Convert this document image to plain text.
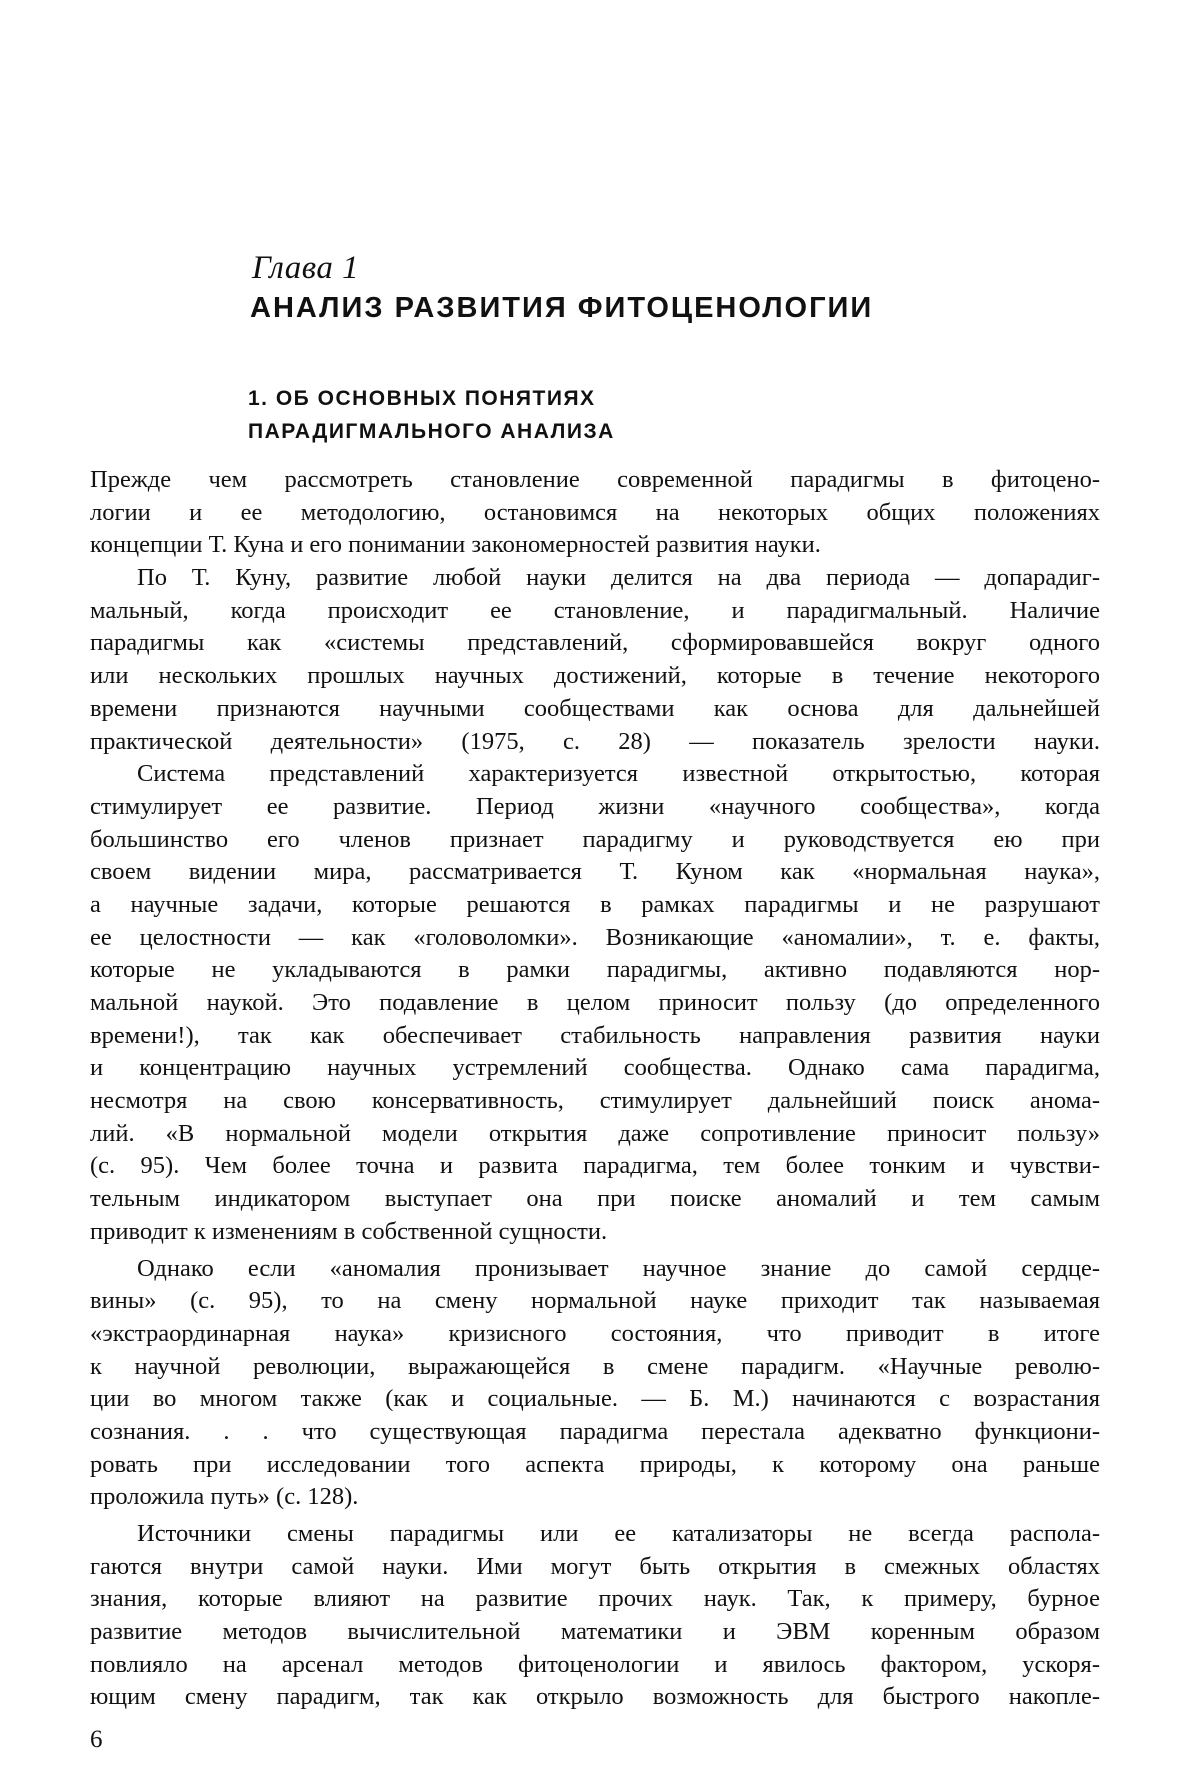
Глава 1
АНАЛИЗ РАЗВИТИЯ ФИТОЦЕНОЛОГИИ
1. ОБ ОСНОВНЫХ ПОНЯТИЯХ
ПАРАДИГМАЛЬНОГО АНАЛИЗА
Прежде чем рассмотреть становление современной парадигмы в фитоцено-
логии и ее методологию, остановимся на некоторых общих положениях
концепции Т. Куна и его понимании закономерностей развития науки.
По Т. Куну, развитие любой науки делится на два периода — допарадиг-
мальный, когда происходит ее становление, и парадигмальный. Наличие
парадигмы как «системы представлений, сформировавшейся вокруг одного
или нескольких прошлых научных достижений, которые в течение некоторого
времени признаются научными сообществами как основа для дальнейшей
практической деятельности» (1975, с. 28) — показатель зрелости науки.
Система представлений характеризуется известной открытостью, которая
стимулирует ее развитие. Период жизни «научного сообщества», когда
большинство его членов признает парадигму и руководствуется ею при
своем видении мира, рассматривается Т. Куном как «нормальная наука»,
а научные задачи, которые решаются в рамках парадигмы и не разрушают
ее целостности — как «головоломки». Возникающие «аномалии», т. е. факты,
которые не укладываются в рамки парадигмы, активно подавляются нор-
мальной наукой. Это подавление в целом приносит пользу (до определенного
времени!), так как обеспечивает стабильность направления развития науки
и концентрацию научных устремлений сообщества. Однако сама парадигма,
несмотря на свою консервативность, стимулирует дальнейший поиск анома-
лий. «В нормальной модели открытия даже сопротивление приносит пользу»
(с. 95). Чем более точна и развита парадигма, тем более тонким и чувстви-
тельным индикатором выступает она при поиске аномалий и тем самым
приводит к изменениям в собственной сущности.
Однако если «аномалия пронизывает научное знание до самой сердце-
вины» (с. 95), то на смену нормальной науке приходит так называемая
«экстраординарная наука» кризисного состояния, что приводит в итоге
к научной революции, выражающейся в смене парадигм. «Научные револю-
ции во многом также (как и социальные. — Б. М.) начинаются с возрастания
сознания. . . что существующая парадигма перестала адекватно функциони-
ровать при исследовании того аспекта природы, к которому она раньше
проложила путь» (с. 128).
Источники смены парадигмы или ее катализаторы не всегда распола-
гаются внутри самой науки. Ими могут быть открытия в смежных областях
знания, которые влияют на развитие прочих наук. Так, к примеру, бурное
развитие методов вычислительной математики и ЭВМ коренным образом
повлияло на арсенал методов фитоценологии и явилось фактором, ускоря-
ющим смену парадигм, так как открыло возможность для быстрого накопле-
6
